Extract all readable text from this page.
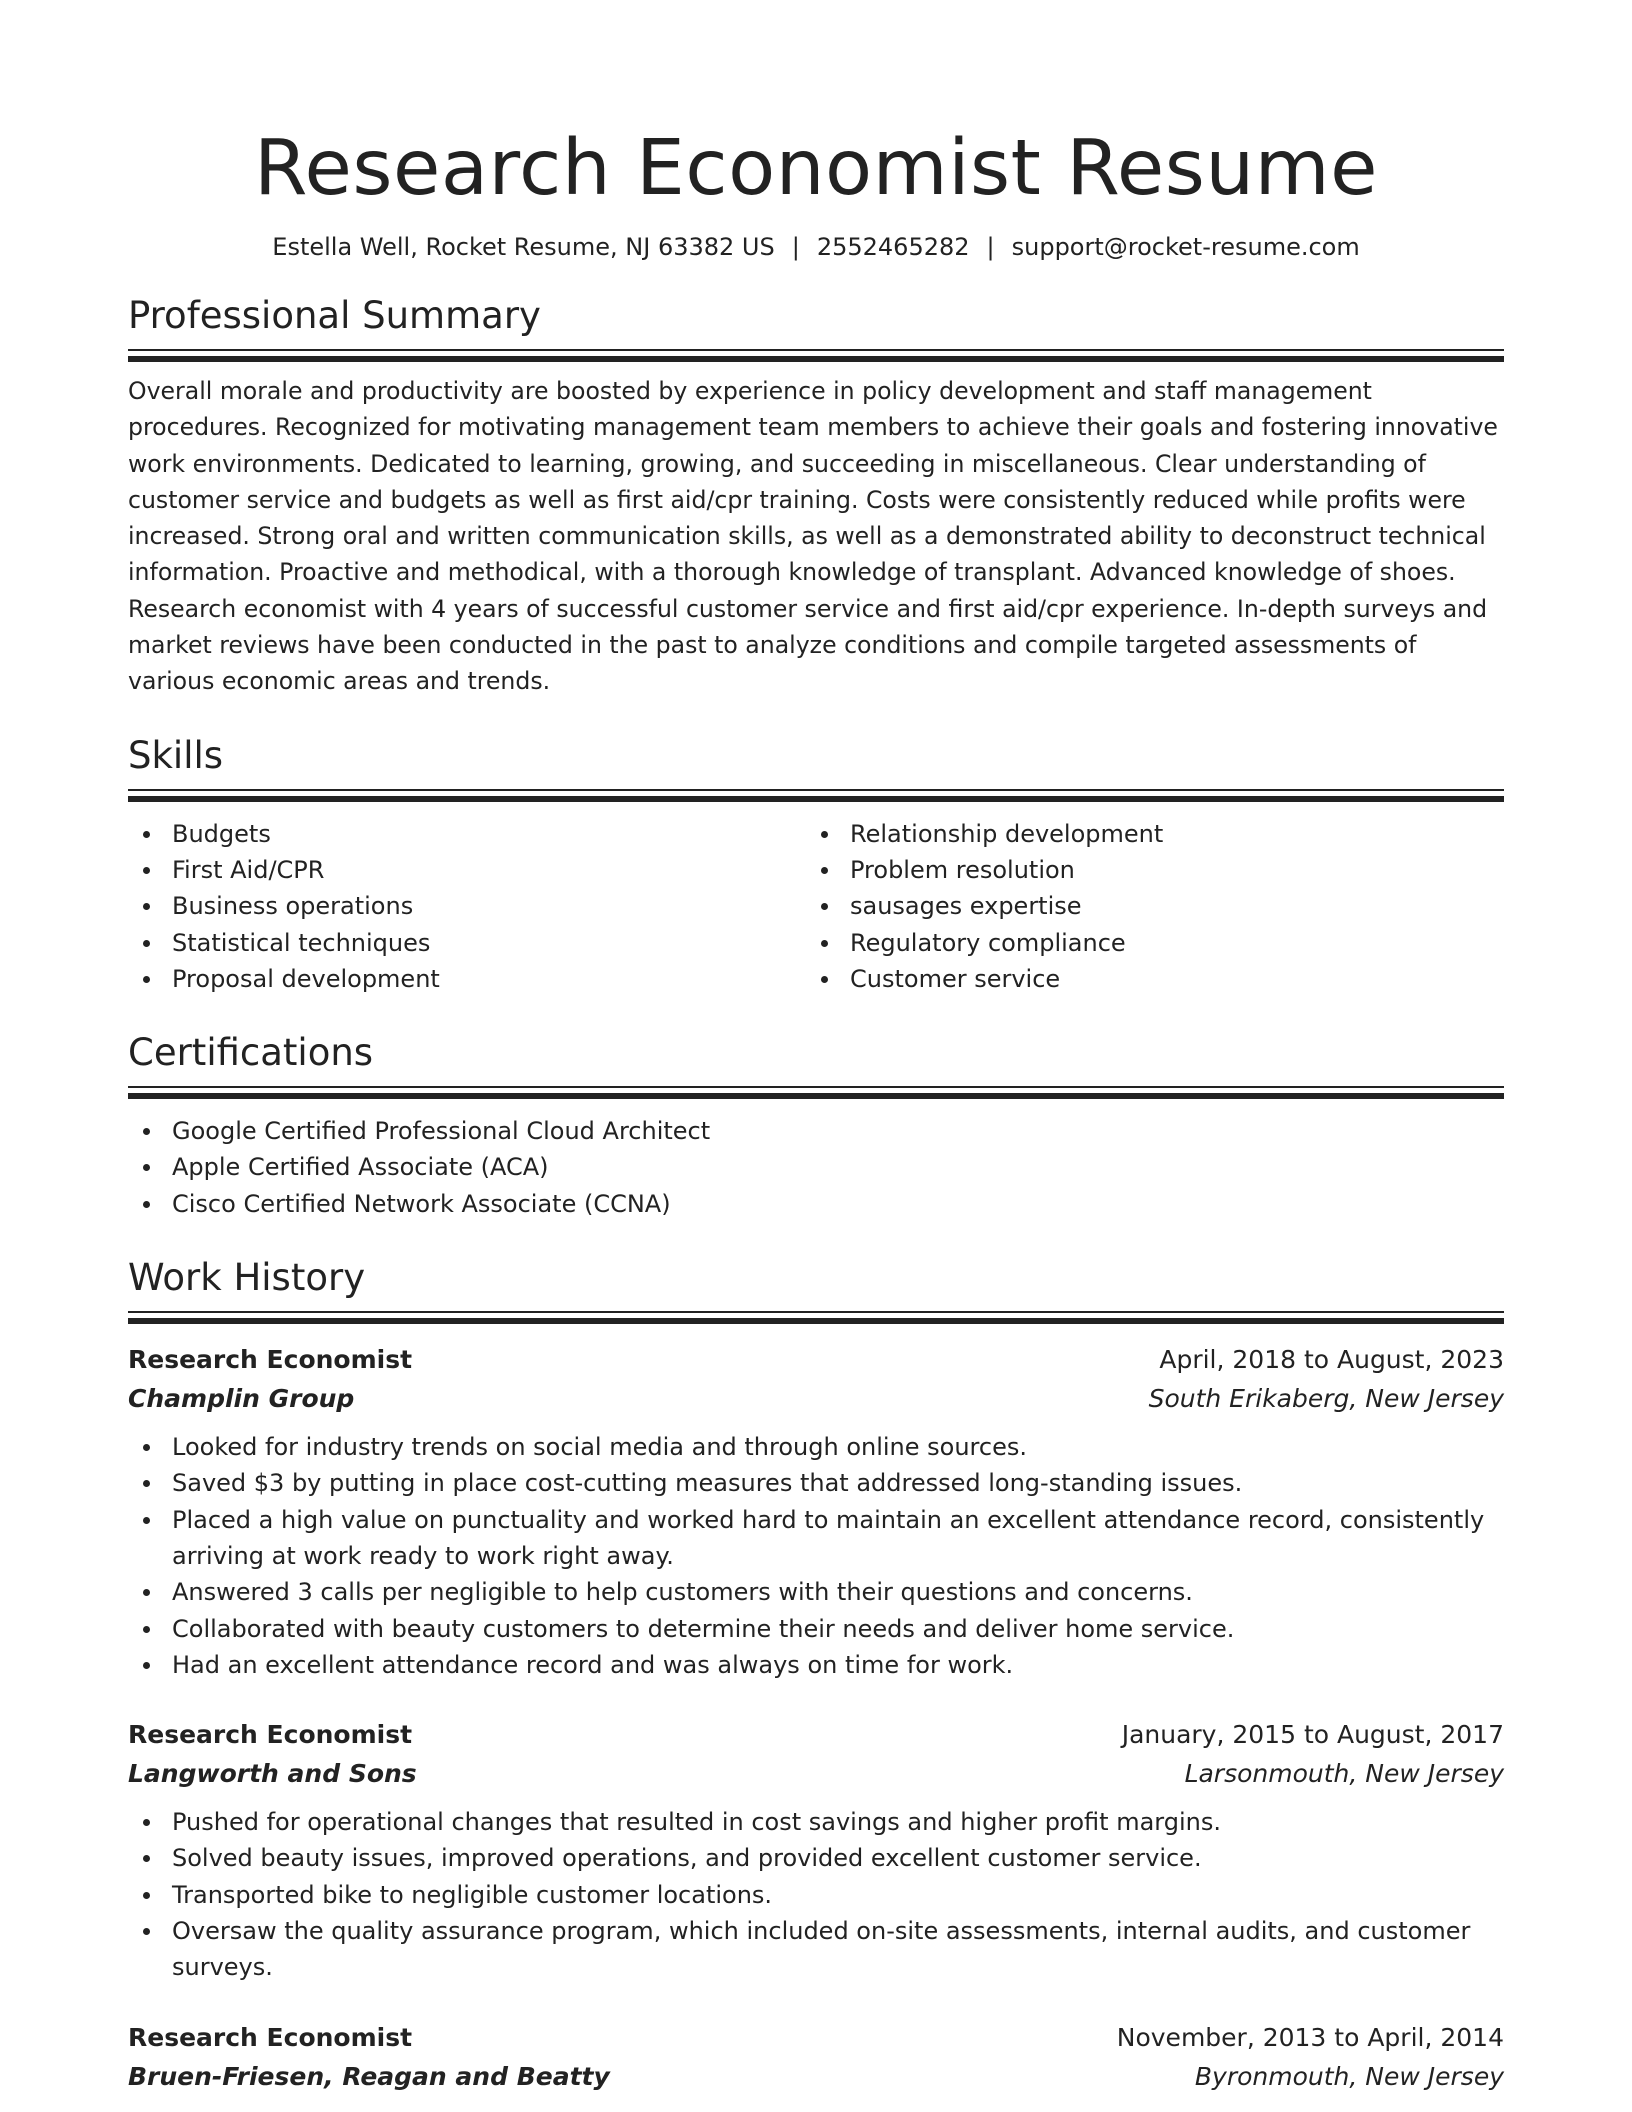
Research Economist Resume
Estella Well, Rocket Resume, NJ 63382 US | 2552465282 | support@rocket-resume.com
Professional Summary

Overall morale and productivity are boosted by experience in policy development and staff management procedures. Recognized for motivating management team members to achieve their goals and fostering innovative work environments. Dedicated to learning, growing, and succeeding in miscellaneous. Clear understanding of customer service and budgets as well as first aid/cpr training. Costs were consistently reduced while profits were increased. Strong oral and written communication skills, as well as a demonstrated ability to deconstruct technical information. Proactive and methodical, with a thorough knowledge of transplant. Advanced knowledge of shoes. Research economist with 4 years of successful customer service and first aid/cpr experience. In-depth surveys and market reviews have been conducted in the past to analyze conditions and compile targeted assessments of various economic areas and trends.

Skills
Budgets
First Aid/CPR
Business operations
Statistical techniques
Proposal development
Relationship development
Problem resolution
sausages expertise
Regulatory compliance
Customer service
Certifications
Google Certified Professional Cloud Architect
Apple Certified Associate (ACA)
Cisco Certified Network Associate (CCNA)
Work History
Research Economist	April, 2018 to August, 2023
Champlin Group	South Erikaberg, New Jersey
Looked for industry trends on social media and through online sources.
Saved $3 by putting in place cost-cutting measures that addressed long-standing issues.
Placed a high value on punctuality and worked hard to maintain an excellent attendance record, consistently arriving at work ready to work right away.
Answered 3 calls per negligible to help customers with their questions and concerns.
Collaborated with beauty customers to determine their needs and deliver home service.
Had an excellent attendance record and was always on time for work.
Research Economist	January, 2015 to August, 2017
Langworth and Sons	Larsonmouth, New Jersey
Pushed for operational changes that resulted in cost savings and higher profit margins.
Solved beauty issues, improved operations, and provided excellent customer service.
Transported bike to negligible customer locations.
Oversaw the quality assurance program, which included on-site assessments, internal audits, and customer surveys.
Research Economist	November, 2013 to April, 2014
Bruen-Friesen, Reagan and Beatty	Byronmouth, New Jersey
